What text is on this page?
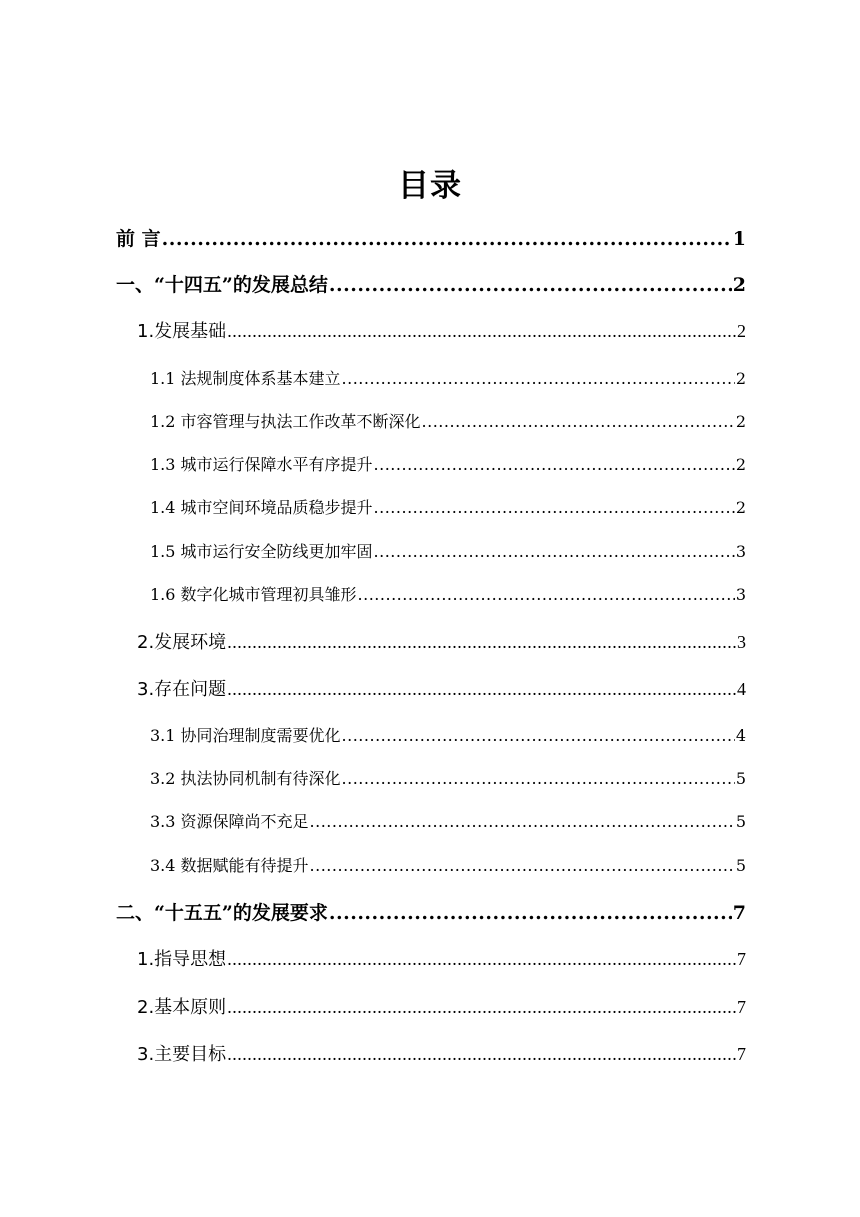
目录
前 言 .....	1
一、“十四五”的发展总结 .....	2
1.发展基础 .....	2
1.1 法规制度体系基本建立 .....	2
1.2 市容管理与执法工作改革不断深化 .....	2
1.3 城市运行保障水平有序提升 .....	2
1.4 城市空间环境品质稳步提升 .....	2
1.5 城市运行安全防线更加牢固 .....	3
1.6 数字化城市管理初具雏形 .....	3
2.发展环境 .....	3
3.存在问题 .....	4
3.1 协同治理制度需要优化 .....	4
3.2 执法协同机制有待深化 .....	5
3.3 资源保障尚不充足 .....	5
3.4 数据赋能有待提升 .....	5
二、“十五五”的发展要求 .....	7
1.指导思想 .....	7
2.基本原则 .....	7
3.主要目标 .....	7
